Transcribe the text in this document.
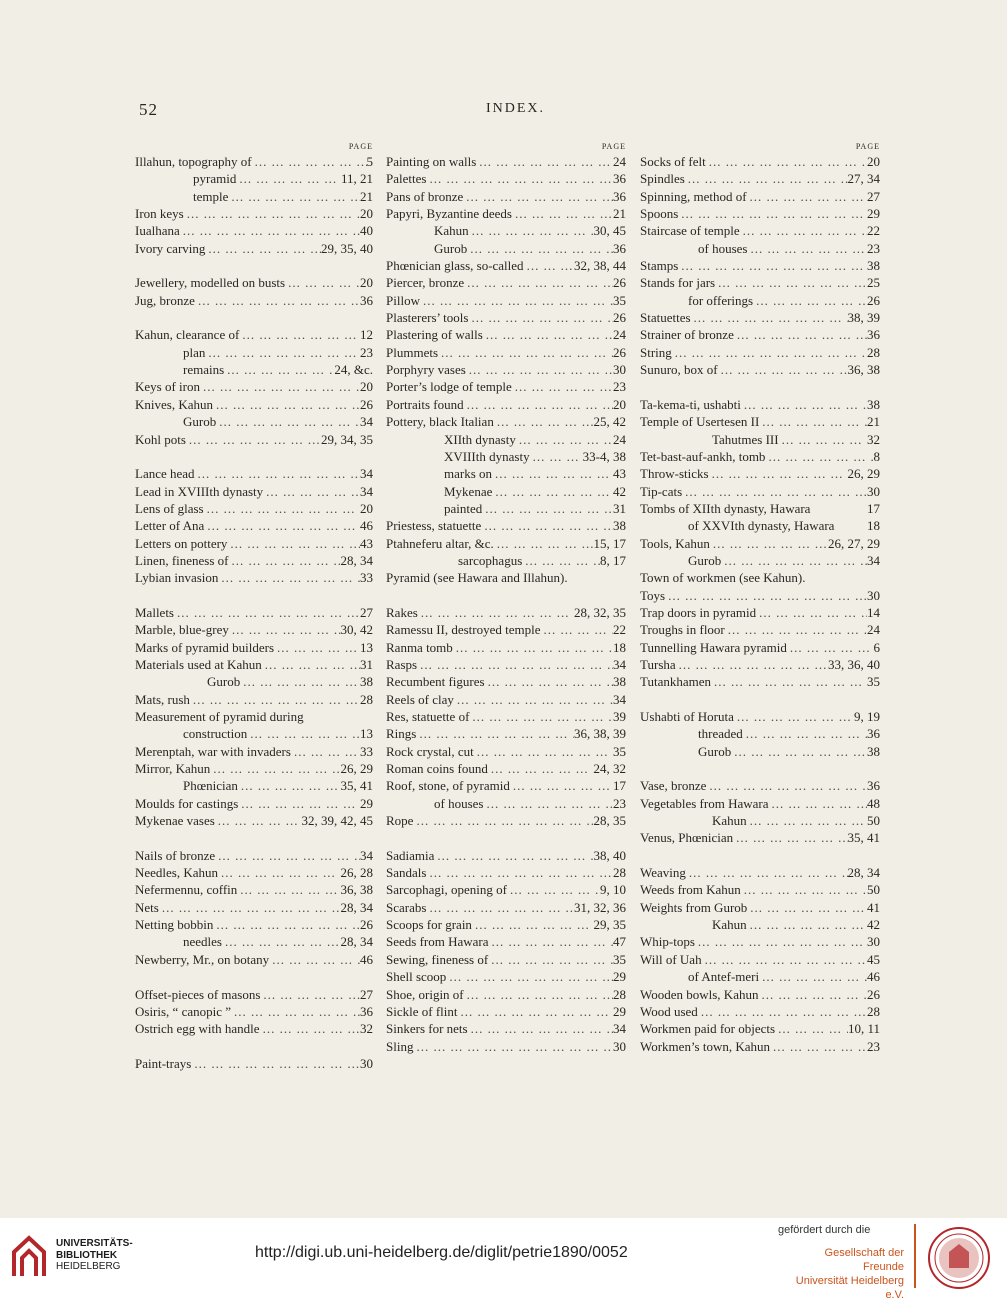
52	INDEX.
PAGE
Illahun, topography of ... .	5
pyramid ... .	11, 21
temple ... .	21
Iron keys ... .	20
Iualhana ... .	40
Ivory carving ... .	29, 35, 40
Jewellery, modelled on busts ... .	20
Jug, bronze ... .	36
Kahun, clearance of ... .	12
plan ... .	23
remains ... .	24, &c.
Keys of iron ... .	20
Knives, Kahun ... .	26
Gurob ... .	34
Kohl pots ... .	29, 34, 35
Lance head ... .	34
Lead in XVIIIth dynasty ... .	34
Lens of glass ... .	20
Letter of Ana ... .	46
Letters on pottery ... .	43
Linen, fineness of ... .	28, 34
Lybian invasion ... .	33
Mallets ... .	27
Marble, blue-grey ... .	30, 42
Marks of pyramid builders ... .	13
Materials used at Kahun ... .	31
Gurob ... .	38
Mats, rush ... .	28
Measurement of pyramid during
construction ... .	13
Merenptah, war with invaders ... .	33
Mirror, Kahun ... .	26, 29
Phœnician ... .	35, 41
Moulds for castings ... .	29
Mykenae vases ... .	32, 39, 42, 45
Nails of bronze ... .	34
Needles, Kahun ... .	26, 28
Nefermennu, coffin ... .	36, 38
Nets ... .	28, 34
Netting bobbin ... .	26
needles ... .	28, 34
Newberry, Mr., on botany ... .	46
Offset-pieces of masons ... .	27
Osiris, “ canopic ” ... .	36
Ostrich egg with handle ... .	32
Paint-trays ... .	30
PAGE
Painting on walls ... .	24
Palettes ... .	36
Pans of bronze ... .	36
Papyri, Byzantine deeds ... .	21
Kahun ... .	30, 45
Gurob ... .	36
Phœnician glass, so-called ... .	32, 38, 44
Piercer, bronze ... .	26
Pillow ... .	35
Plasterers’ tools ... .	26
Plastering of walls ... .	24
Plummets ... .	26
Porphyry vases ... .	30
Porter’s lodge of temple ... .	23
Portraits found ... .	20
Pottery, black Italian ... .	25, 42
XIIth dynasty ... .	24
XVIIIth dynasty ... .	33-4, 38
marks on ... .	43
Mykenae ... .	42
painted ... .	31
Priestess, statuette ... .	38
Ptahneferu altar, &c. ... .	15, 17
sarcophagus ... .	8, 17
Pyramid (see Hawara and Illahun).
Rakes ... .	28, 32, 35
Ramessu II, destroyed temple ... .	22
Ranma tomb ... .	18
Rasps ... .	34
Recumbent figures ... .	38
Reels of clay ... .	34
Res, statuette of ... .	39
Rings ... .	36, 38, 39
Rock crystal, cut ... .	35
Roman coins found ... .	24, 32
Roof, stone, of pyramid ... .	17
of houses ... .	23
Rope ... .	28, 35
Sadiamia ... .	38, 40
Sandals ... .	28
Sarcophagi, opening of ... .	9, 10
Scarabs ... .	31, 32, 36
Scoops for grain ... .	29, 35
Seeds from Hawara ... .	47
Sewing, fineness of ... .	35
Shell scoop ... .	29
Shoe, origin of ... .	28
Sickle of flint ... .	29
Sinkers for nets ... .	34
Sling ... .	30
PAGE
Socks of felt ... .	20
Spindles ... .	27, 34
Spinning, method of ... .	27
Spoons ... .	29
Staircase of temple ... .	22
of houses ... .	23
Stamps ... .	38
Stands for jars ... .	25
for offerings ... .	26
Statuettes ... .	38, 39
Strainer of bronze ... .	36
String ... .	28
Sunuro, box of ... .	36, 38
Ta-kema-ti, ushabti ... .	38
Temple of Usertesen II ... .	21
Tahutmes III ... .	32
Tet-bast-auf-ankh, tomb ... .	8
Throw-sticks ... .	26, 29
Tip-cats ... .	30
Tombs of XIIth dynasty, Hawara	17
of XXVIth dynasty, Hawara	18
Tools, Kahun ... .	26, 27, 29
Gurob ... .	34
Town of workmen (see Kahun).
Toys ... .	30
Trap doors in pyramid ... .	14
Troughs in floor ... .	24
Tunnelling Hawara pyramid ... .	6
Tursha ... .	33, 36, 40
Tutankhamen ... .	35
Ushabti of Horuta ... .	9, 19
threaded ... .	36
Gurob ... .	38
Vase, bronze ... .	36
Vegetables from Hawara ... .	48
Kahun ... .	50
Venus, Phœnician ... .	35, 41
Weaving ... .	28, 34
Weeds from Kahun ... .	50
Weights from Gurob ... .	41
Kahun ... .	42
Whip-tops ... .	30
Will of Uah ... .	45
of Antef-meri ... .	46
Wooden bowls, Kahun ... .	26
Wood used ... .	28
Workmen paid for objects ... .	10, 11
Workmen’s town, Kahun ... .	23
UNIVERSITÄTS-
BIBLIOTHEK
HEIDELBERG
http://digi.ub.uni-heidelberg.de/diglit/petrie1890/0052
gefördert durch die
Gesellschaft der Freunde
Universität Heidelberg e.V.
